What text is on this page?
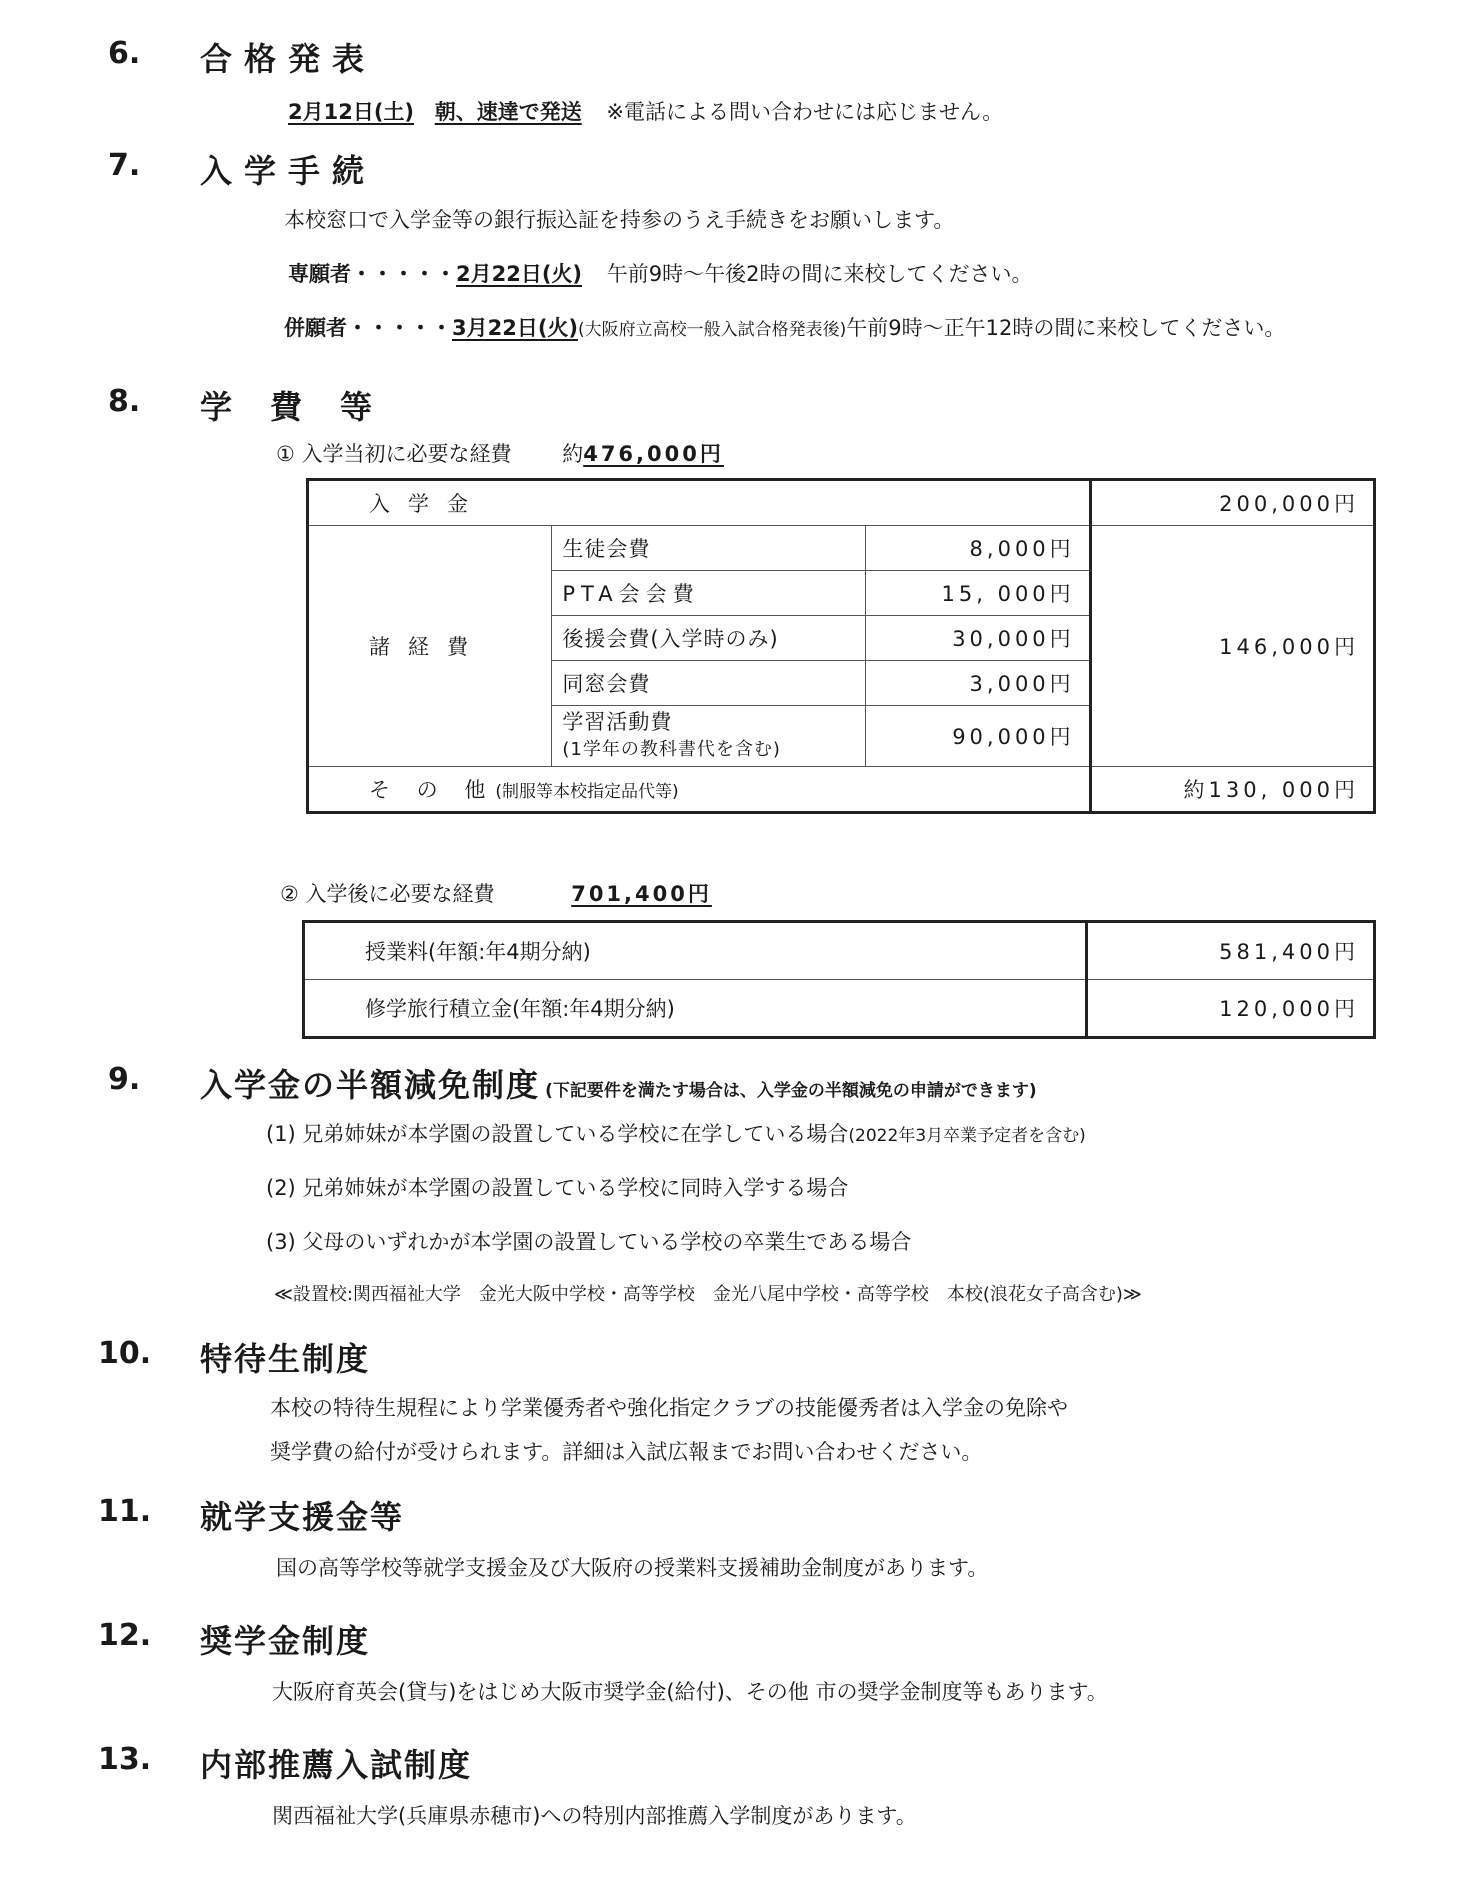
6. 合格発表
2月12日(土) 朝、速達で発送 ※電話による問い合わせには応じません。
7. 入学手続
本校窓口で入学金等の銀行振込証を持参のうえ手続きをお願いします。
専願者・・・・・2月22日(火) 午前9時～午後2時の間に来校してください。
併願者・・・・・3月22日(火)(大阪府立高校一般入試合格発表後)午前9時～正午12時の間に来校してください。
8. 学費等
① 入学当初に必要な経費 約476,000円
入学金			200,000円
諸経費	生徒会費	8,000円	146,000円
	PTA会会費	15, 000円	
	後援会費(入学時のみ)	30,000円	
	同窓会費	3,000円	

	学習活動費
(1学年の教科書代を含む)	90,000円	
そ の 他(制服等本校指定品代等)			約130, 000円
② 入学後に必要な経費	701,400円
授業料(年額:年4期分納)	581,400円
修学旅行積立金(年額:年4期分納)	120,000円
9. 入学金の半額減免制度 (下記要件を満たす場合は、入学金の半額減免の申請ができます)
(1) 兄弟姉妹が本学園の設置している学校に在学している場合(2022年3月卒業予定者を含む)
(2) 兄弟姉妹が本学園の設置している学校に同時入学する場合
(3) 父母のいずれかが本学園の設置している学校の卒業生である場合
≪設置校:関西福祉大学　金光大阪中学校・高等学校　金光八尾中学校・高等学校　本校(浪花女子高含む)≫
10. 特待生制度
本校の特待生規程により学業優秀者や強化指定クラブの技能優秀者は入学金の免除や
奨学費の給付が受けられます。詳細は入試広報までお問い合わせください。
11. 就学支援金等
国の高等学校等就学支援金及び大阪府の授業料支援補助金制度があります。
12. 奨学金制度
大阪府育英会(貸与)をはじめ大阪市奨学金(給付)、その他 市の奨学金制度等もあります。
13. 内部推薦入試制度
関西福祉大学(兵庫県赤穂市)への特別内部推薦入学制度があります。
